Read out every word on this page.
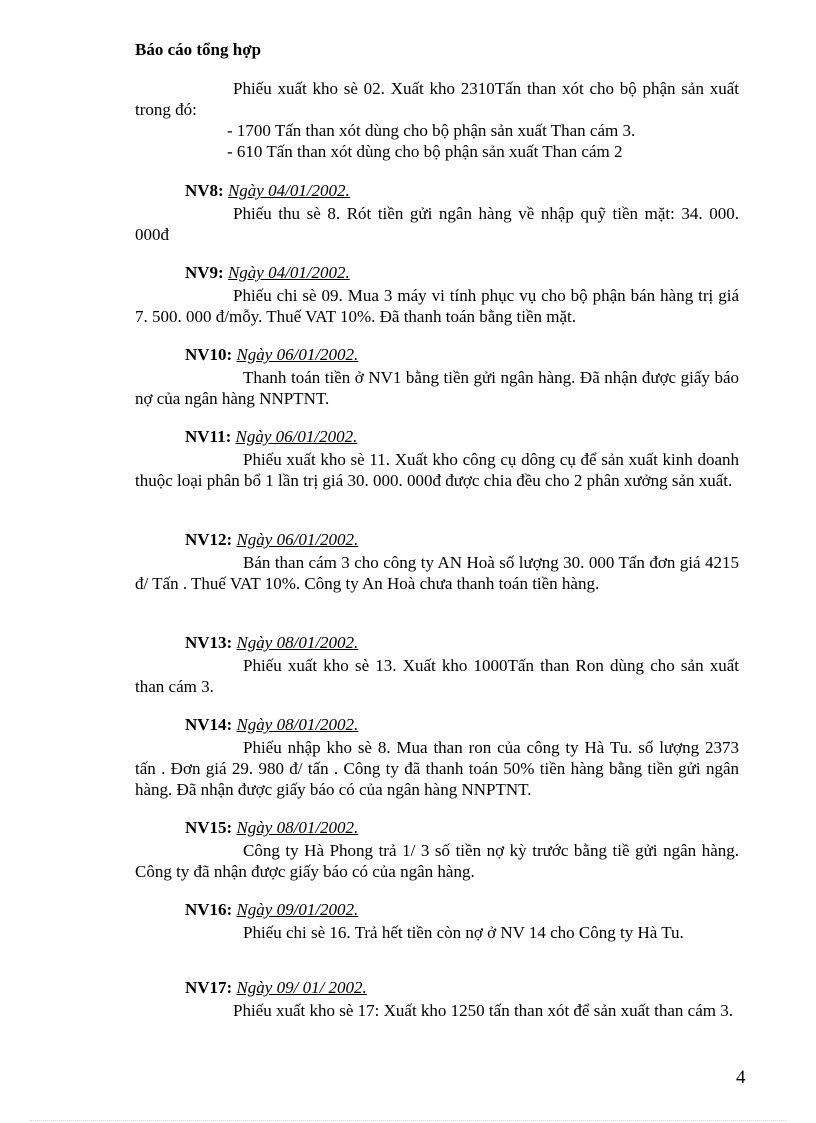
Báo cáo tổng hợp
Phiếu xuất kho sè 02. Xuất kho 2310Tấn than xót cho bộ phận sản xuất trong đó:
- 1700 Tấn than xót dùng cho bộ phận sản xuất Than cám 3.
- 610 Tấn than xót dùng cho bộ phận sản xuất Than cám 2
NV8: Ngày 04/01/2002.
Phiếu thu sè 8. Rót tiền gửi ngân hàng về nhập quỹ tiền mặt: 34. 000. 000đ
NV9: Ngày 04/01/2002.
Phiếu chi sè 09. Mua 3 máy vi tính phục vụ cho bộ phận bán hàng trị giá 7. 500. 000 đ/mỗy. Thuế VAT 10%. Đã thanh toán bằng tiền mặt.
NV10: Ngày 06/01/2002.
Thanh toán tiền ở NV1 bằng tiền gửi ngân hàng. Đã nhận được giấy báo nợ của ngân hàng NNPTNT.
NV11: Ngày 06/01/2002.
Phiếu xuất kho sè 11. Xuất kho công cụ dông cụ để sản xuất kinh doanh thuộc loại phân bổ 1 lần trị giá 30. 000. 000đ được chia đều cho 2 phân xưởng sản xuất.
NV12: Ngày 06/01/2002.
Bán than cám 3 cho công ty AN Hoà số lượng 30. 000 Tấn đơn giá 4215 đ/ Tấn . Thuế VAT 10%. Công ty An Hoà chưa thanh toán tiền hàng.
NV13: Ngày 08/01/2002.
Phiếu xuất kho sè 13. Xuất kho 1000Tấn than Ron dùng cho sản xuất than cám 3.
NV14: Ngày 08/01/2002.
Phiếu nhập kho sè 8. Mua than ron của công ty Hà Tu. số lượng 2373 tấn . Đơn giá 29. 980 đ/ tấn . Công ty đã thanh toán 50% tiền hàng bằng tiền gửi ngân hàng. Đã nhận được giấy báo có của ngân hàng NNPTNT.
NV15: Ngày 08/01/2002.
Công ty Hà Phong trả 1/ 3 số tiền nợ kỳ trước bằng tiề gửi ngân hàng. Công ty đã nhận được giấy báo có của ngân hàng.
NV16: Ngày 09/01/2002.
Phiếu chi sè 16. Trả hết tiền còn nợ ở NV 14 cho Công ty Hà Tu.
NV17: Ngày 09/ 01/ 2002.
Phiếu xuất kho sè 17: Xuất kho 1250 tấn than xót để sản xuất than cám 3.
4
